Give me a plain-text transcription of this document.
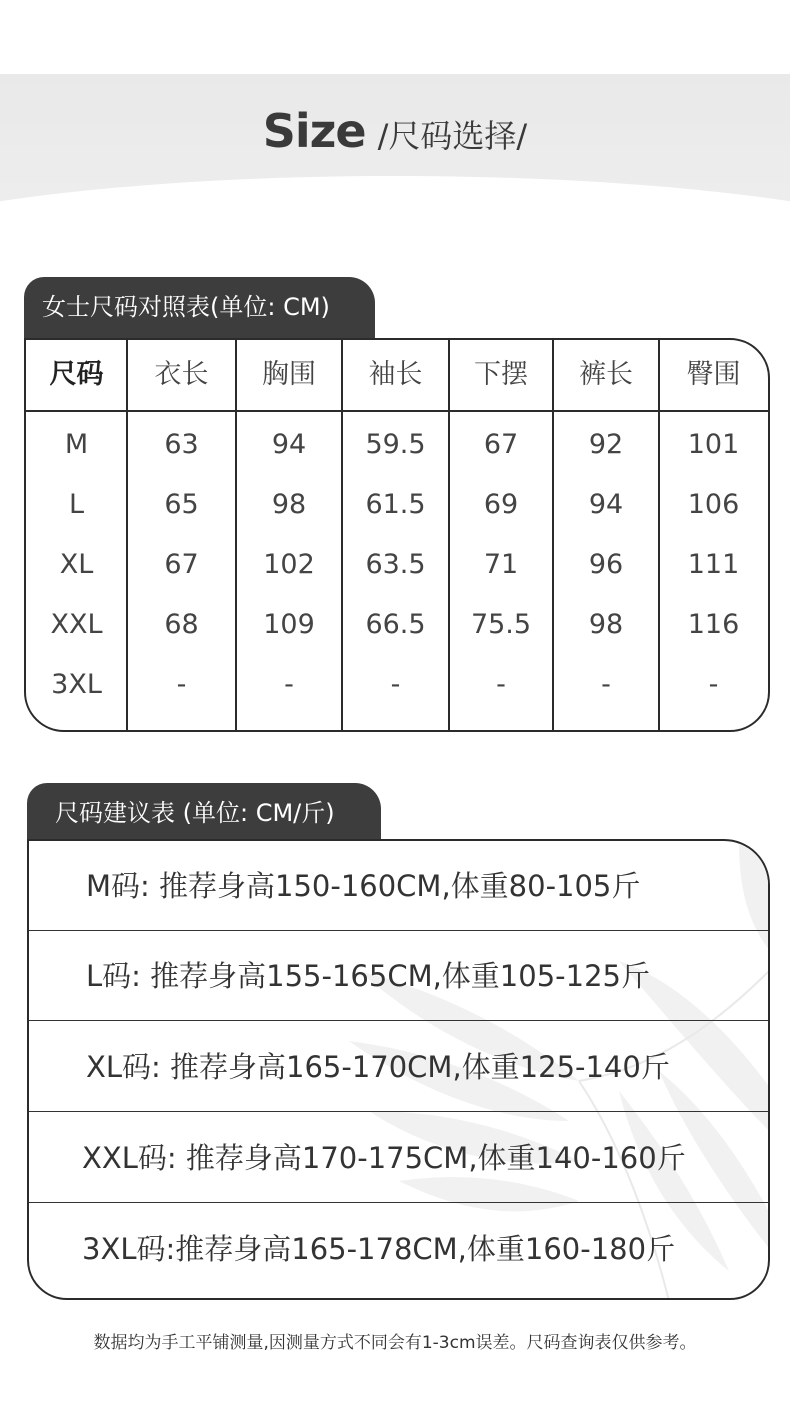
Size /尺码选择/
女士尺码对照表(单位: CM)
尺码	衣长	胸围	袖长	下摆	裤长	臀围
M	63	94	59.5	67	92	101
L	65	98	61.5	69	94	106
XL	67	102	63.5	71	96	111
XXL	68	109	66.5	75.5	98	116
3XL	-	-	-	-	-	-
尺码建议表 (单位: CM/斤)
M码: 推荐身高150-160CM,体重80-105斤
L码: 推荐身高155-165CM,体重105-125斤
XL码: 推荐身高165-170CM,体重125-140斤
XXL码: 推荐身高170-175CM,体重140-160斤
3XL码:推荐身高165-178CM,体重160-180斤
数据均为手工平铺测量,因测量方式不同会有1-3cm误差。尺码查询表仅供参考。
